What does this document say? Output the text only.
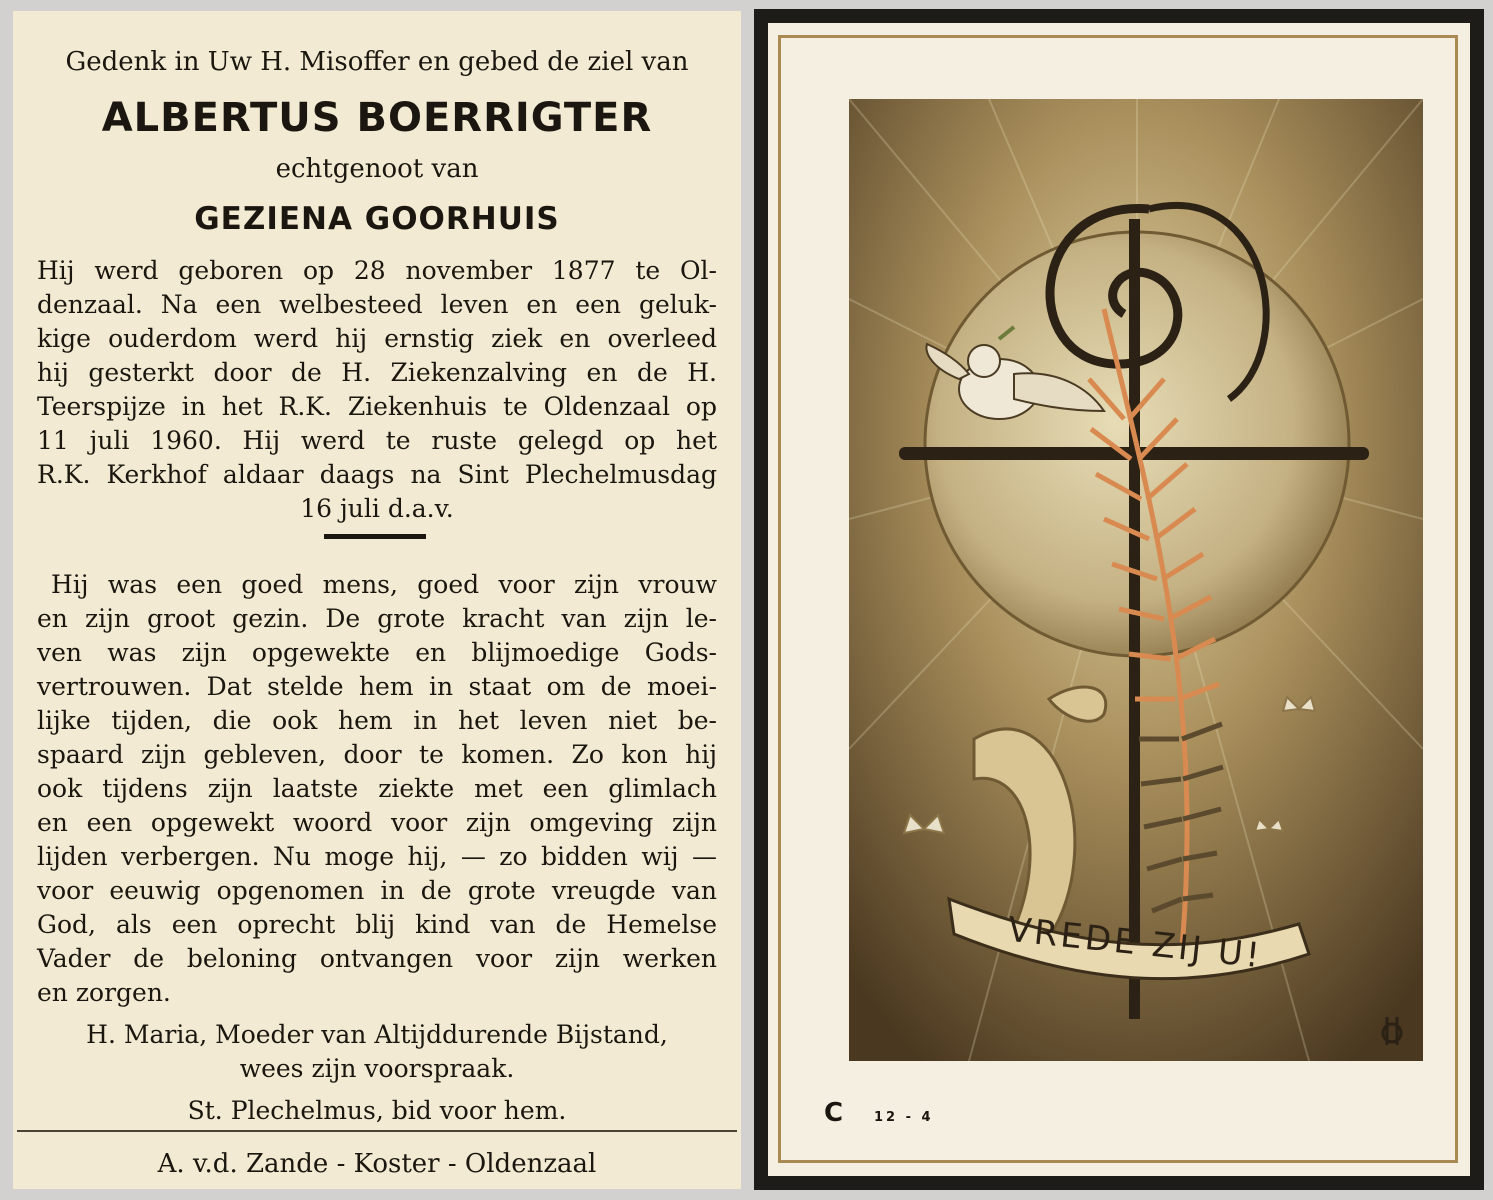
Gedenk in Uw H. Misoffer en gebed de ziel van
ALBERTUS BOERRIGTER
echtgenoot van
GEZIENA GOORHUIS
Hij werd geboren op 28 november 1877 te Ol-
denzaal. Na een welbesteed leven en een geluk-
kige ouderdom werd hij ernstig ziek en overleed
hij gesterkt door de H. Ziekenzalving en de H.
Teerspijze in het R.K. Ziekenhuis te Oldenzaal op
11 juli 1960. Hij werd te ruste gelegd op het
R.K. Kerkhof aldaar daags na Sint Plechelmusdag
16 juli d.a.v.
Hij was een goed mens, goed voor zijn vrouw
en zijn groot gezin. De grote kracht van zijn le-
ven was zijn opgewekte en blijmoedige Gods-
vertrouwen. Dat stelde hem in staat om de moei-
lijke tijden, die ook hem in het leven niet be-
spaard zijn gebleven, door te komen. Zo kon hij
ook tijdens zijn laatste ziekte met een glimlach
en een opgewekt woord voor zijn omgeving zijn
lijden verbergen. Nu moge hij, — zo bidden wij —
voor eeuwig opgenomen in de grote vreugde van
God, als een oprecht blij kind van de Hemelse
Vader de beloning ontvangen voor zijn werken
en zorgen.
H. Maria, Moeder van Altijddurende Bijstand,
wees zijn voorspraak.
St. Plechelmus, bid voor hem.
A. v.d. Zande - Koster - Oldenzaal
VREDE ZIJ U!
C 12 - 4
